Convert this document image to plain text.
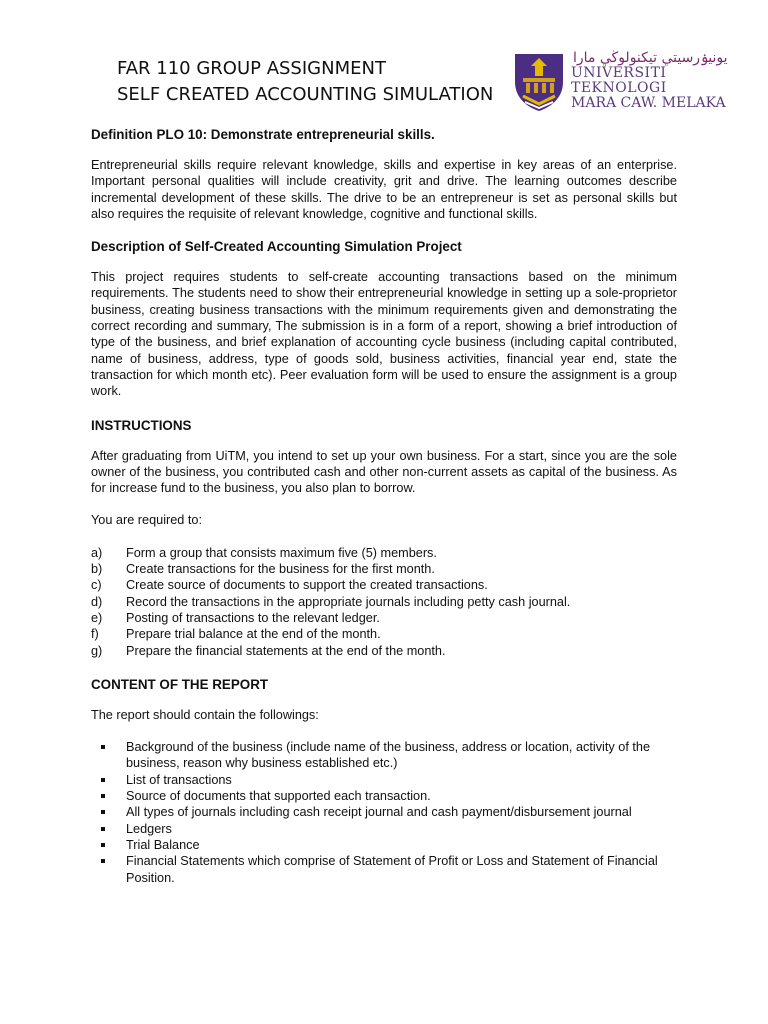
FAR 110 GROUP ASSIGNMENT
SELF CREATED ACCOUNTING SIMULATION
يونيۏرسيتي تيكنولوڬي مارا
UNIVERSITI
TEKNOLOGI
MARA CAW. MELAKA
Definition PLO 10: Demonstrate entrepreneurial skills.

Entrepreneurial skills require relevant knowledge, skills and expertise in key areas of an enterprise. Important personal qualities will include creativity, grit and drive. The learning outcomes describe incremental development of these skills. The drive to be an entrepreneur is set as personal skills but also requires the requisite of relevant knowledge, cognitive and functional skills.

Description of Self-Created Accounting Simulation Project

This project requires students to self-create accounting transactions based on the minimum requirements. The students need to show their entrepreneurial knowledge in setting up a sole-proprietor business, creating business transactions with the minimum requirements given and demonstrating the correct recording and summary, The submission is in a form of a report, showing a brief introduction of type of the business, and brief explanation of accounting cycle business (including capital contributed, name of business, address, type of goods sold, business activities, financial year end, state the transaction for which month etc). Peer evaluation form will be used to ensure the assignment is a group work.

INSTRUCTIONS

After graduating from UiTM, you intend to set up your own business. For a start, since you are the sole owner of the business, you contributed cash and other non-current assets as capital of the business. As for increase fund to the business, you also plan to borrow.

You are required to:

a) Form a group that consists maximum five (5) members.
b) Create transactions for the business for the first month.
c) Create source of documents to support the created transactions.
d) Record the transactions in the appropriate journals including petty cash journal.
e) Posting of transactions to the relevant ledger.
f) Prepare trial balance at the end of the month.
g) Prepare the financial statements at the end of the month.
CONTENT OF THE REPORT

The report should contain the followings:

Background of the business (include name of the business, address or location, activity of the business, reason why business established etc.)
List of transactions
Source of documents that supported each transaction.
All types of journals including cash receipt journal and cash payment/disbursement journal
Ledgers
Trial Balance
Financial Statements which comprise of Statement of Profit or Loss and Statement of Financial Position.
